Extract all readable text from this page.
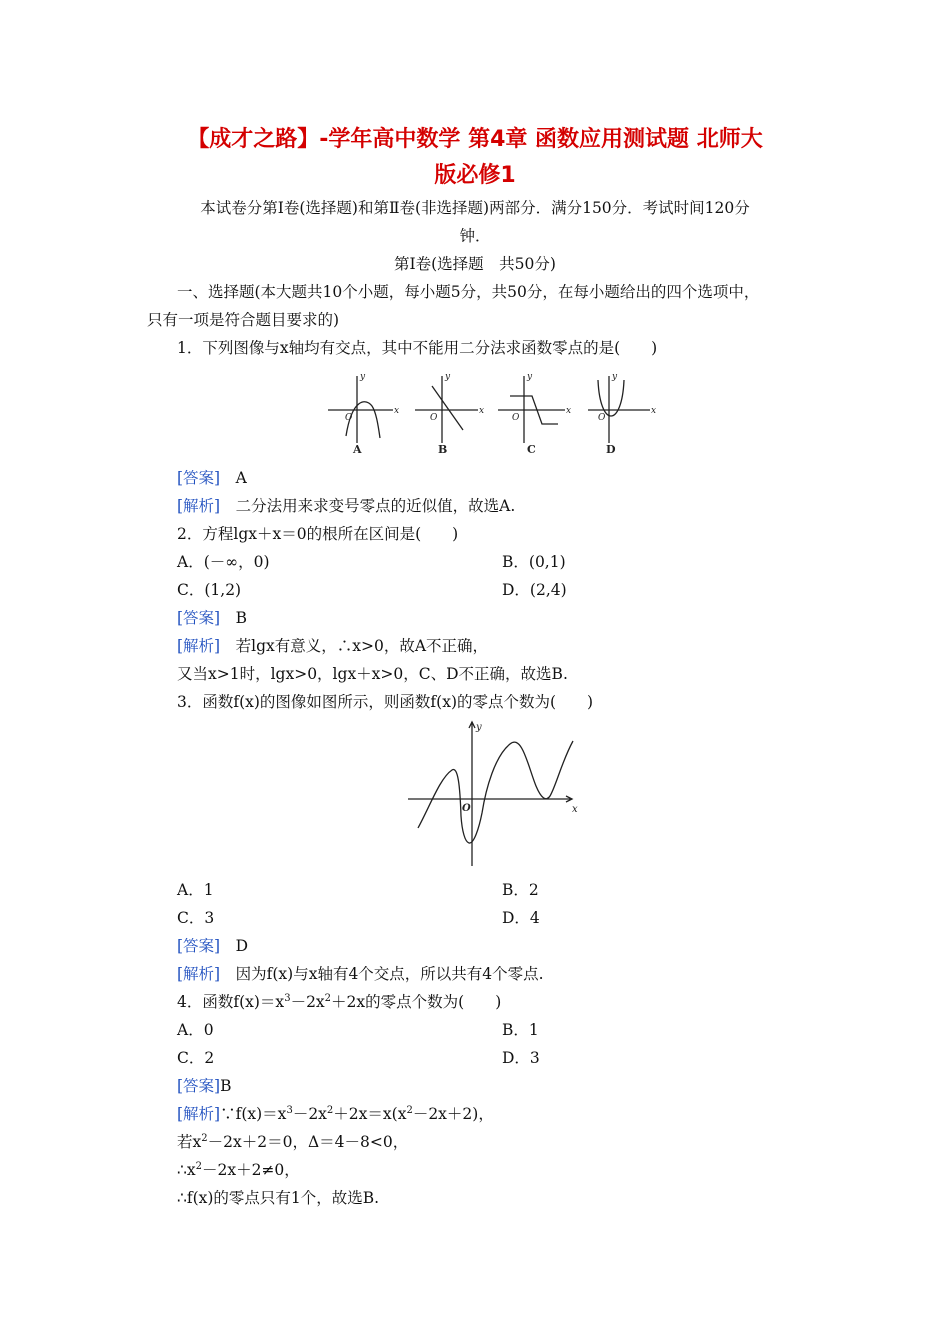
【成才之路】-学年高中数学 第4章 函数应用测试题 北师大
版必修1
本试卷分第Ⅰ卷(选择题)和第Ⅱ卷(非选择题)两部分．满分150分．考试时间120分
钟．
第Ⅰ卷(选择题　共50分)
一、选择题(本大题共10个小题，每小题5分，共50分，在每小题给出的四个选项中，
只有一项是符合题目要求的)
1．下列图像与x轴均有交点，其中不能用二分法求函数零点的是(　　)
y
x
O
y
x
O
y
x
O
y
x
O
A	B	C	D
[答案]　 A
[解析]　 二分法用来求变号零点的近似值，故选A.
2．方程lgx＋x＝0的根所在区间是(　　)
A．(－∞，0)	B．(0,1)
C．(1,2)	D．(2,4)
[答案]　 B
[解析]　 若lgx有意义，∴x>0，故A不正确，
又当x>1时，lgx>0，lgx＋x>0，C、D不正确，故选B.
3．函数f(x)的图像如图所示，则函数f(x)的零点个数为(　　)
y
x
O
A．1	B．2
C．3	D．4
[答案]　 D
[解析]　 因为f(x)与x轴有4个交点，所以共有4个零点.
4．函数$f(x)=x^3-2x^2+2x$的零点个数为(　　)
A．0	B．1
C．2	D．3
[答案]B
[解析]$\because f(x)=x^3-2x^2+2x=x(x^2-2x+2)$，
若$x^2-2x+2=0$，Δ＝4－8<0，
$\therefore x^2-2x+2\ne 0$，
∴f(x)的零点只有1个，故选B.
